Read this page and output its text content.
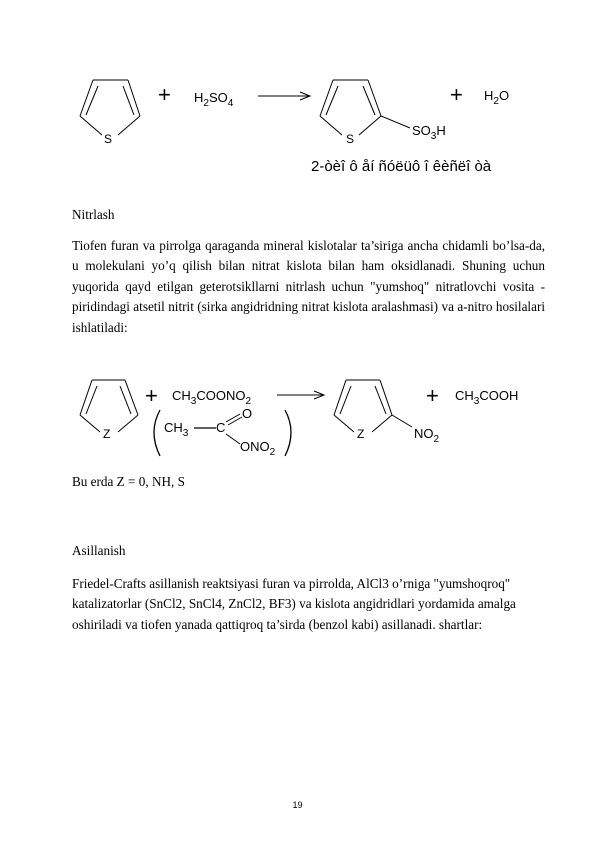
S
+ $H_2SO_4$
S
$SO_3H$
+ $H_2O$
2-òèî ô åí ñóëüô î êèñëî òà
Nitrlash
Tiofen furan va pirrolga qaraganda mineral kislotalar ta’siriga ancha chidamli bo’lsa-da, u molekulani yo’q qilish bilan nitrat kislota bilan ham oksidlanadi. Shuning uchun yuqorida qayd etilgan geterotsikllarni nitrlash uchun "yumshoq" nitratlovchi vosita - piridindagi atsetil nitrit (sirka angidridning nitrat kislota aralashmasi) va a-nitro hosilalari ishlatiladi:
Z
+ $CH_3COONO_2$
$CH_3$ C
O
$ONO_2$
Z	$NO_2$
+ $CH_3COOH$
Bu erda Z = 0, NH, S
Asillanish
Friedel-Crafts asillanish reaktsiyasi furan va pirrolda, AlCl3 o’rniga "yumshoqroq" katalizatorlar (SnCl2, SnCl4, ZnCl2, BF3) va kislota angidridlari yordamida amalga oshiriladi va tiofen yanada qattiqroq ta’sirda (benzol kabi) asillanadi. shartlar:
19
